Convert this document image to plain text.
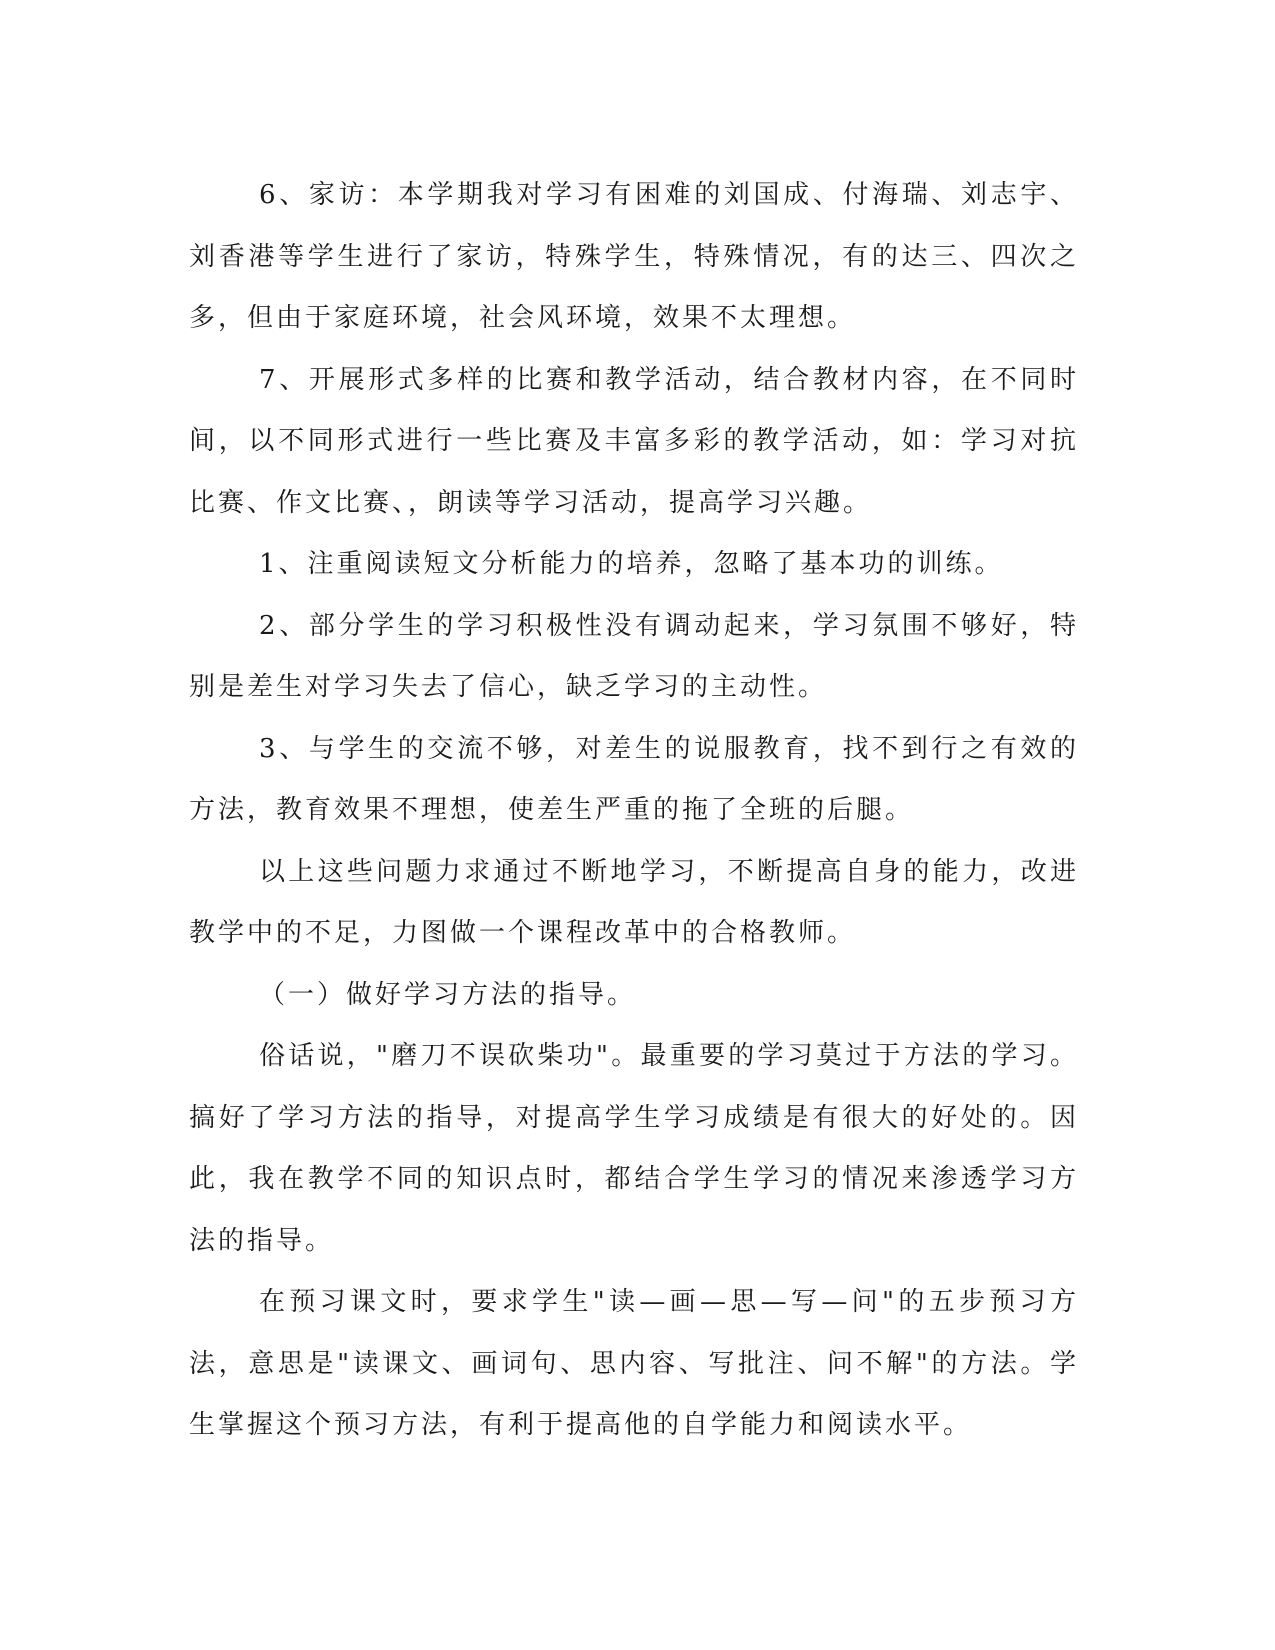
6、家访：本学期我对学习有困难的刘国成、付海瑞、刘志宇、刘香港等学生进行了家访，特殊学生，特殊情况，有的达三、四次之多，但由于家庭环境，社会风环境，效果不太理想。

7、开展形式多样的比赛和教学活动，结合教材内容，在不同时间，以不同形式进行一些比赛及丰富多彩的教学活动，如：学习对抗比赛、作文比赛、，朗读等学习活动，提高学习兴趣。

1、注重阅读短文分析能力的培养，忽略了基本功的训练。

2、部分学生的学习积极性没有调动起来，学习氛围不够好，特别是差生对学习失去了信心，缺乏学习的主动性。

3、与学生的交流不够，对差生的说服教育，找不到行之有效的方法，教育效果不理想，使差生严重的拖了全班的后腿。

以上这些问题力求通过不断地学习，不断提高自身的能力，改进教学中的不足，力图做一个课程改革中的合格教师。

（一）做好学习方法的指导。

俗话说，"磨刀不误砍柴功"。最重要的学习莫过于方法的学习。搞好了学习方法的指导，对提高学生学习成绩是有很大的好处的。因此，我在教学不同的知识点时，都结合学生学习的情况来渗透学习方法的指导。

在预习课文时，要求学生"读—画—思—写—问"的五步预习方法，意思是"读课文、画词句、思内容、写批注、问不解"的方法。学生掌握这个预习方法，有利于提高他的自学能力和阅读水平。
